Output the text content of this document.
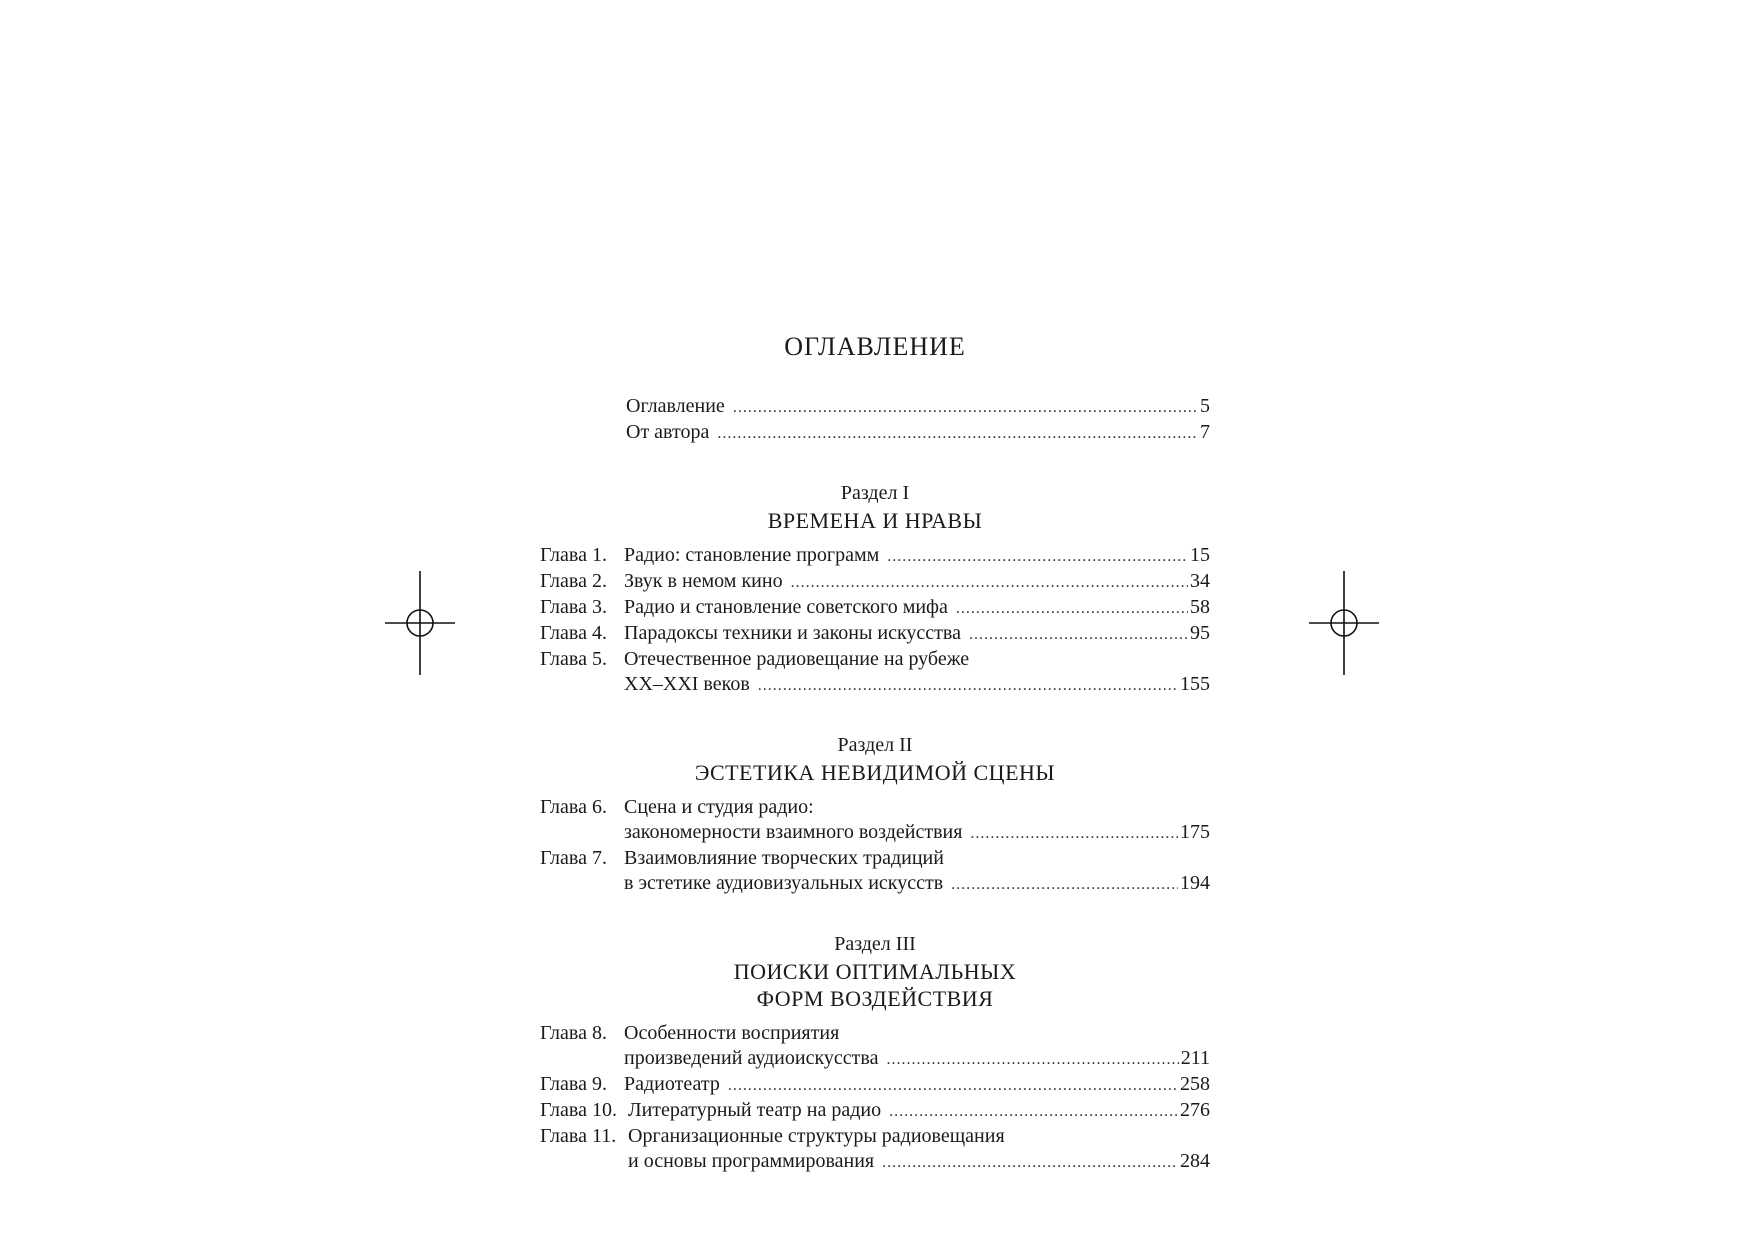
ОГЛАВЛЕНИЕ
Оглавление .....	5
От автора .....	7
Раздел I
ВРЕМЕНА И НРАВЫ
Глава 1. Радио: становление программ .....	15
Глава 2. Звук в немом кино .....	34
Глава 3. Радио и становление советского мифа .....	58
Глава 4. Парадоксы техники и законы искусства .....	95
Глава 5. Отечественное радиовещание на рубеже
XX–XXI веков .....	155
Раздел II
ЭСТЕТИКА НЕВИДИМОЙ СЦЕНЫ
Глава 6. Сцена и студия радио:
закономерности взаимного воздействия .....	175
Глава 7. Взаимовлияние творческих традиций
в эстетике аудиовизуальных искусств .....	194
Раздел III
ПОИСКИ ОПТИМАЛЬНЫХ
ФОРМ ВОЗДЕЙСТВИЯ
Глава 8. Особенности восприятия
произведений аудиоискусства .....	211
Глава 9. Радиотеатр .....	258
Глава 10. Литературный театр на радио .....	276
Глава 11. Организационные структуры радиовещания
и основы программирования .....	284
